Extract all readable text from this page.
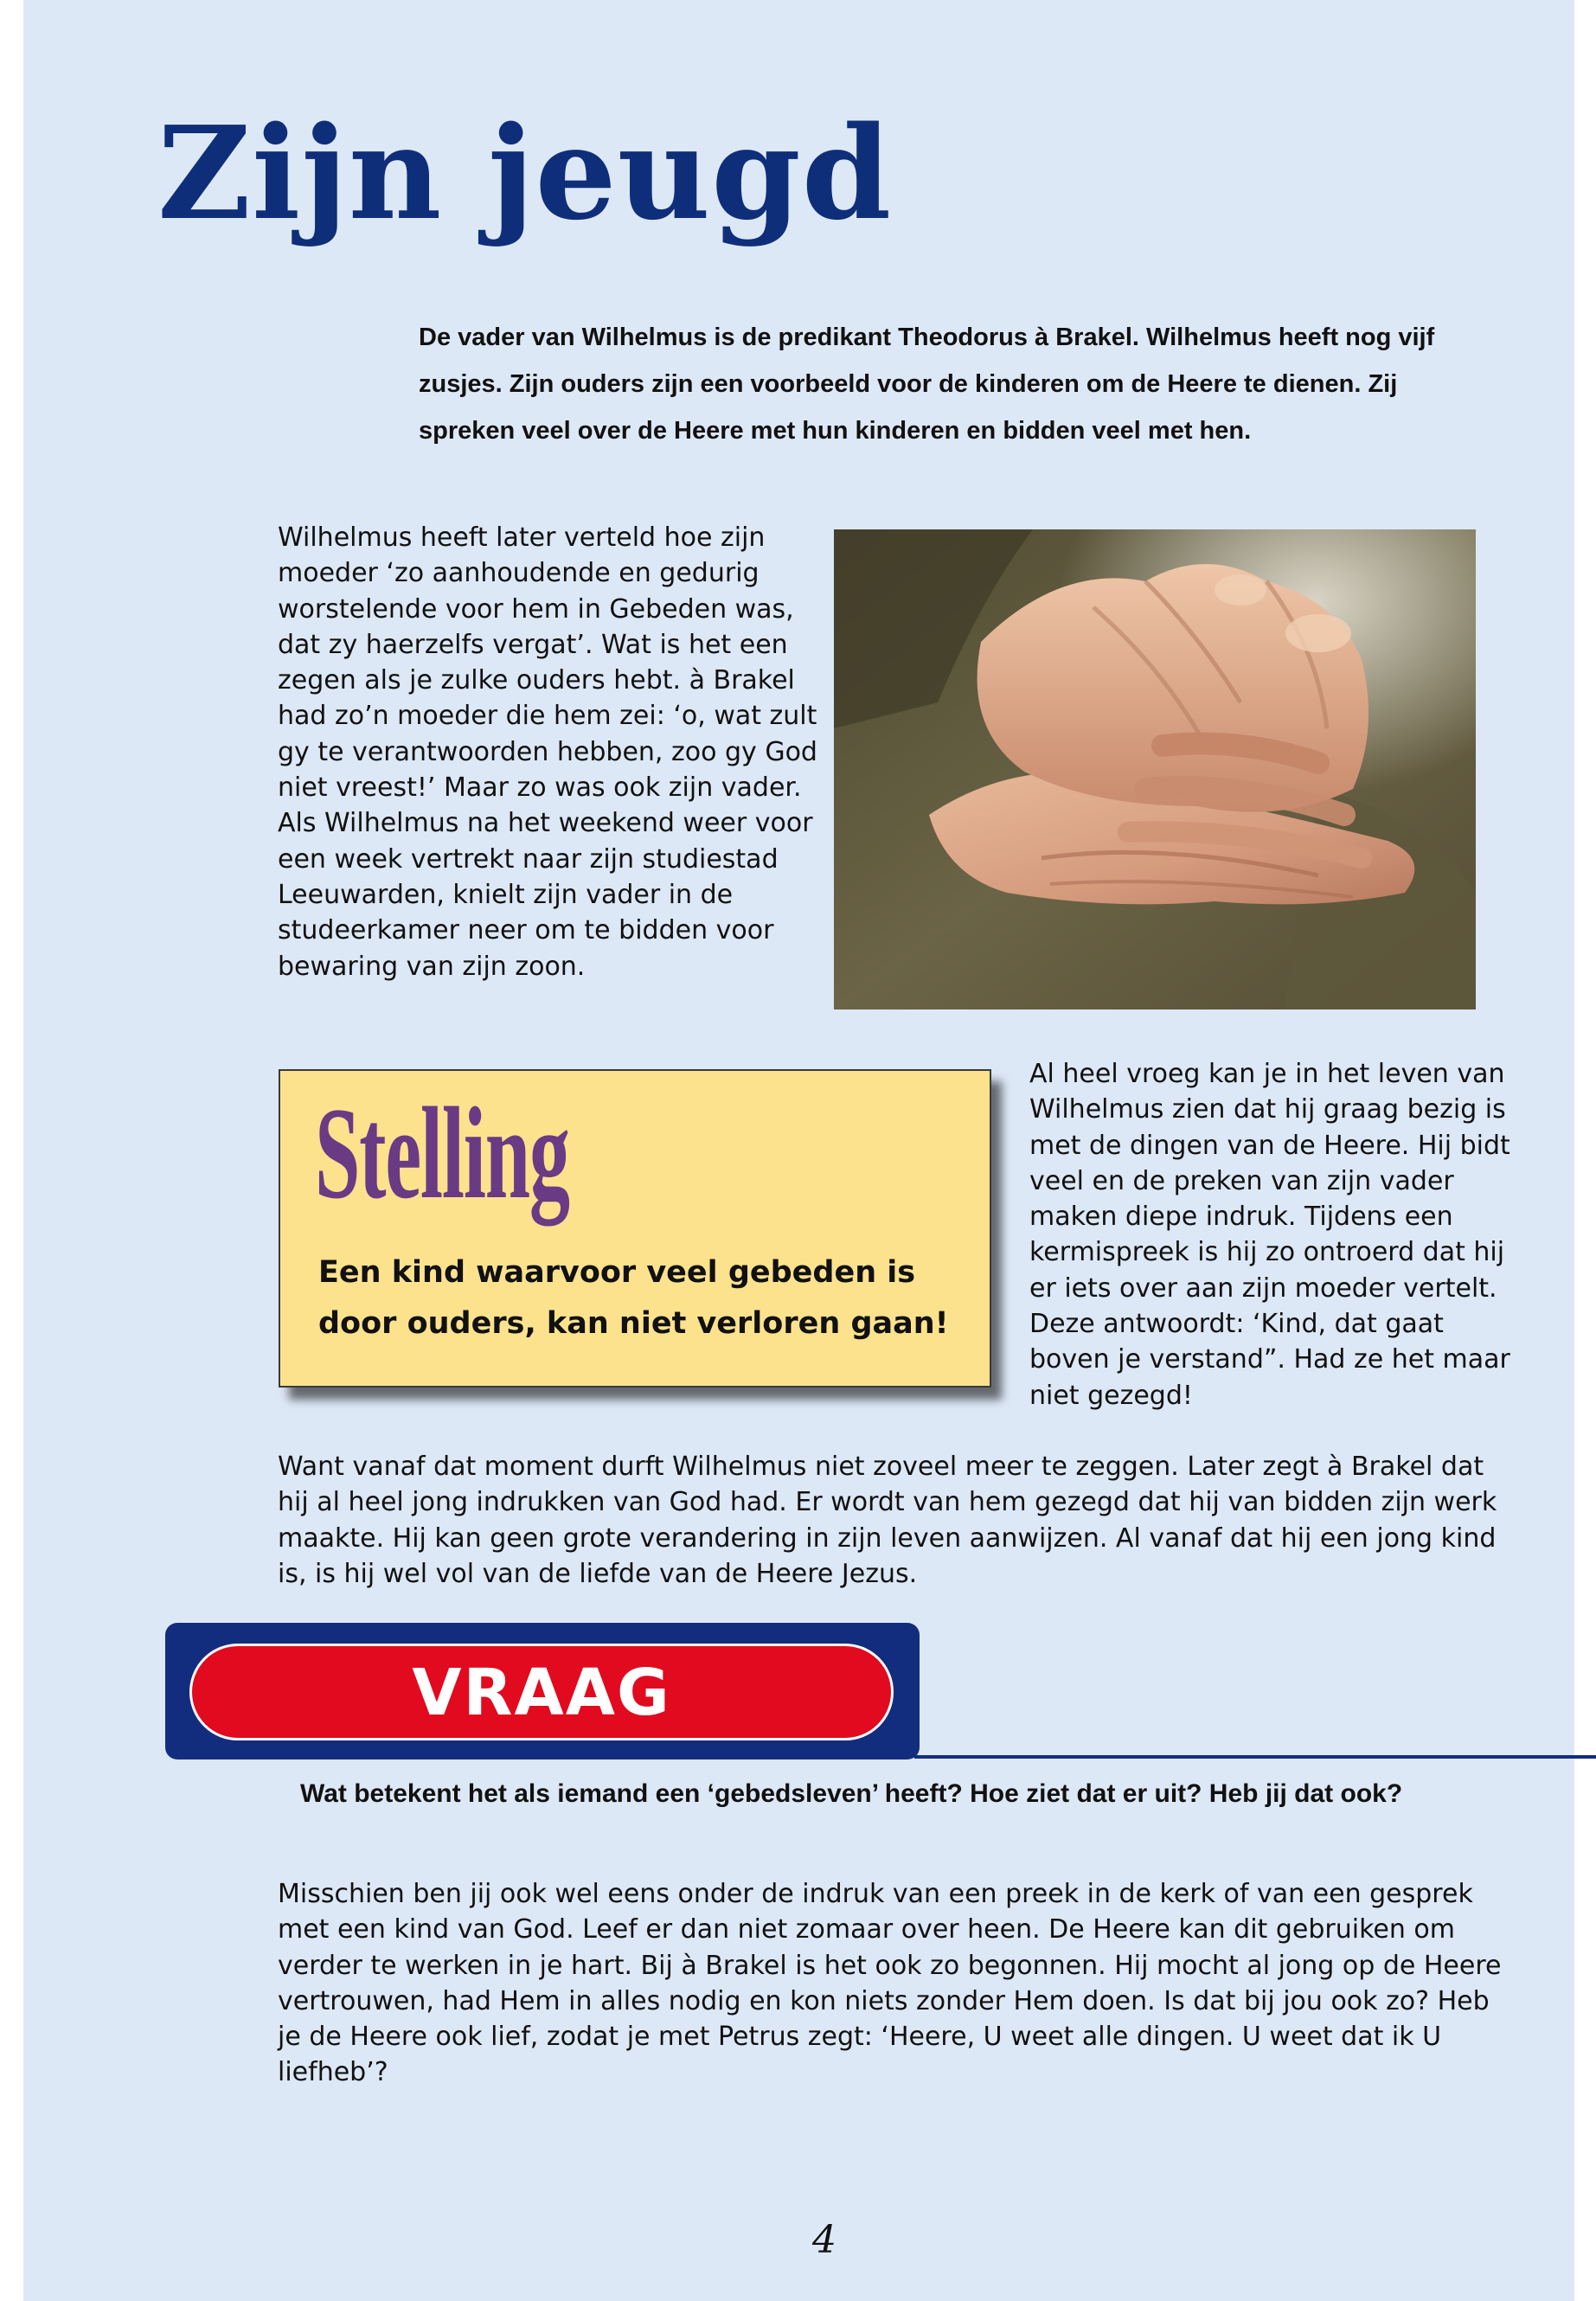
Zijn jeugd

De vader van Wilhelmus is de predikant Theodorus à Brakel. Wilhelmus heeft nog vijf zusjes. Zijn ouders zijn een voorbeeld voor de kinderen om de Heere te dienen. Zij spreken veel over de Heere met hun kinderen en bidden veel met hen.

Wilhelmus heeft later verteld hoe zijn moeder ‘zo aanhoudende en gedurig worstelende voor hem in Gebeden was, dat zy haerzelfs vergat’. Wat is het een zegen als je zulke ouders hebt. à Brakel had zo’n moeder die hem zei: ‘o, wat zult gy te verantwoorden hebben, zoo gy God niet vreest!’ Maar zo was ook zijn vader. Als Wilhelmus na het weekend weer voor een week vertrekt naar zijn studiestad Leeuwarden, knielt zijn vader in de studeerkamer neer om te bidden voor bewaring van zijn zoon.

Stelling

Een kind waarvoor veel gebeden is door ouders, kan niet verloren gaan!

Al heel vroeg kan je in het leven van Wilhelmus zien dat hij graag bezig is met de dingen van de Heere. Hij bidt veel en de preken van zijn vader maken diepe indruk. Tijdens een kermispreek is hij zo ontroerd dat hij er iets over aan zijn moeder vertelt. Deze antwoordt: ‘Kind, dat gaat boven je verstand”. Had ze het maar niet gezegd!

Want vanaf dat moment durft Wilhelmus niet zoveel meer te zeggen. Later zegt à Brakel dat hij al heel jong indrukken van God had. Er wordt van hem gezegd dat hij van bidden zijn werk maakte. Hij kan geen grote verandering in zijn leven aanwijzen. Al vanaf dat hij een jong kind is, is hij wel vol van de liefde van de Heere Jezus.

VRAAG

Wat betekent het als iemand een ‘gebedsleven’ heeft? Hoe ziet dat er uit? Heb jij dat ook?

Misschien ben jij ook wel eens onder de indruk van een preek in de kerk of van een gesprek met een kind van God. Leef er dan niet zomaar over heen. De Heere kan dit gebruiken om verder te werken in je hart. Bij à Brakel is het ook zo begonnen. Hij mocht al jong op de Heere vertrouwen, had Hem in alles nodig en kon niets zonder Hem doen. Is dat bij jou ook zo? Heb je de Heere ook lief, zodat je met Petrus zegt: ‘Heere, U weet alle dingen. U weet dat ik U liefheb’?

4
